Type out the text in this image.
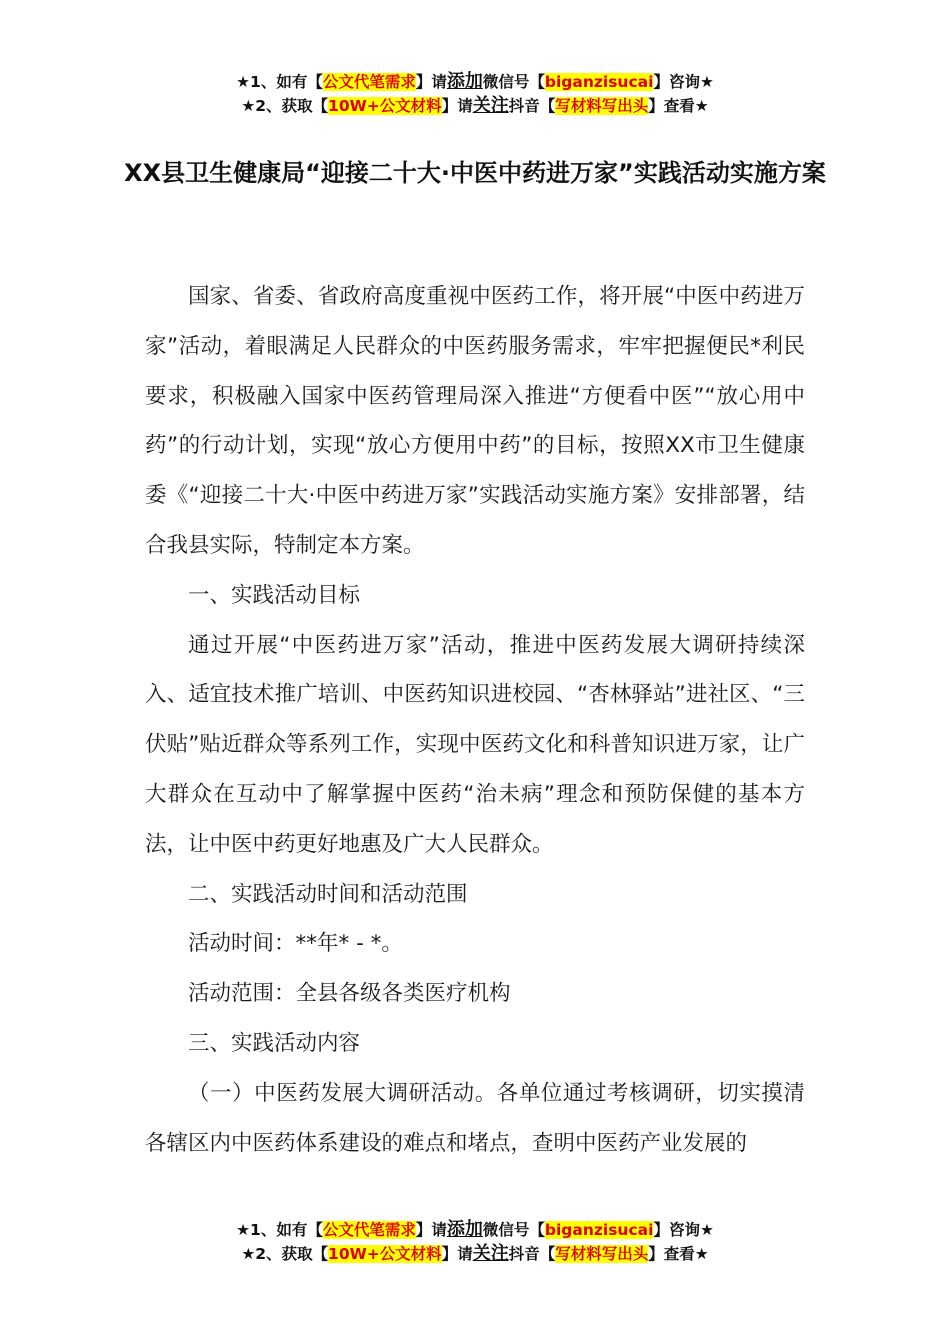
★1、如有【公文代笔需求】请添加微信号【biganzisucai】咨询★
★2、获取【10W+公文材料】请关注抖音【写材料写出头】查看★
XX县卫生健康局“迎接二十大·中医中药进万家”实践活动实施方案

国家、省委、省政府高度重视中医药工作，将开展“中医中药进万家”活动，着眼满足人民群众的中医药服务需求，牢牢把握便民*利民要求，积极融入国家中医药管理局深入推进“方便看中医”“放心用中药”的行动计划，实现“放心方便用中药”的目标，按照XX市卫生健康委《“迎接二十大·中医中药进万家”实践活动实施方案》安排部署，结合我县实际，特制定本方案。

一、实践活动目标

通过开展“中医药进万家”活动，推进中医药发展大调研持续深入、适宜技术推广培训、中医药知识进校园、“杏林驿站”进社区、“三伏贴”贴近群众等系列工作，实现中医药文化和科普知识进万家，让广大群众在互动中了解掌握中医药“治未病”理念和预防保健的基本方法，让中医中药更好地惠及广大人民群众。

二、实践活动时间和活动范围

活动时间：**年* - *。

活动范围：全县各级各类医疗机构

三、实践活动内容

（一）中医药发展大调研活动。各单位通过考核调研，切实摸清各辖区内中医药体系建设的难点和堵点，查明中医药产业发展的

★1、如有【公文代笔需求】请添加微信号【biganzisucai】咨询★
★2、获取【10W+公文材料】请关注抖音【写材料写出头】查看★
